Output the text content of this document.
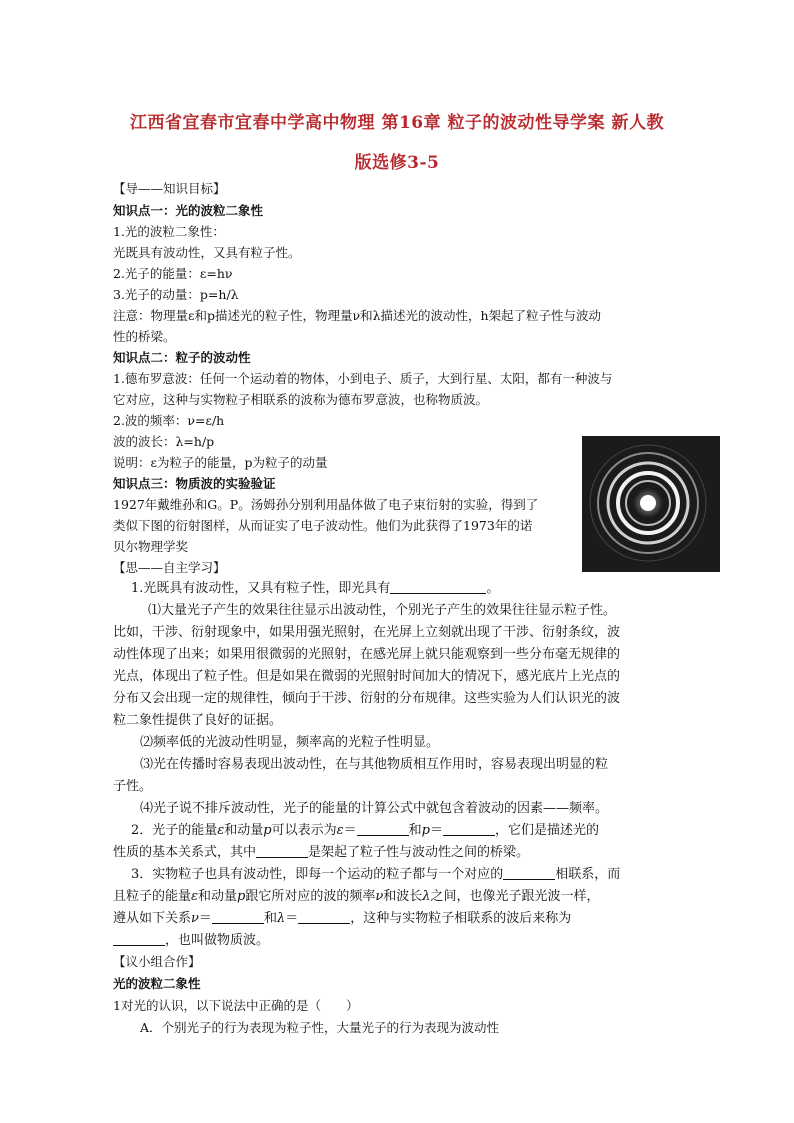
江西省宜春市宜春中学高中物理 第16章 粒子的波动性导学案 新人教
版选修3-5
【导——知识目标】
知识点一：光的波粒二象性
1.光的波粒二象性：
光既具有波动性，又具有粒子性。
2.光子的能量：ε=hν
3.光子的动量：p=h/λ
注意：物理量ε和p描述光的粒子性，物理量ν和λ描述光的波动性，h架起了粒子性与波动
性的桥梁。
知识点二：粒子的波动性
1.德布罗意波：任何一个运动着的物体，小到电子、质子，大到行星、太阳，都有一种波与
它对应，这种与实物粒子相联系的波称为德布罗意波，也称物质波。
2.波的频率：ν=ε/h
波的波长：λ=h/p
说明：ε为粒子的能量，p为粒子的动量
知识点三：物质波的实验验证
1927年戴维孙和G。P。汤姆孙分别利用晶体做了电子束衍射的实验，得到了
类似下图的衍射图样，从而证实了电子波动性。他们为此获得了1973年的诺
贝尔物理学奖
【思——自主学习】
1.光既具有波动性，又具有粒子性，即光具有	。
⑴大量光子产生的效果往往显示出波动性，个别光子产生的效果往往显示粒子性。
比如，干涉、衍射现象中，如果用强光照射，在光屏上立刻就出现了干涉、衍射条纹，波
动性体现了出来；如果用很微弱的光照射，在感光屏上就只能观察到一些分布毫无规律的
光点，体现出了粒子性。但是如果在微弱的光照射时间加大的情况下，感光底片上光点的
分布又会出现一定的规律性，倾向于干涉、衍射的分布规律。这些实验为人们认识光的波
粒二象性提供了良好的证据。
⑵频率低的光波动性明显，频率高的光粒子性明显。
⑶光在传播时容易表现出波动性，在与其他物质相互作用时，容易表现出明显的粒
子性。
⑷光子说不排斥波动性，光子的能量的计算公式中就包含着波动的因素——频率。
2．光子的能量ε和动量p可以表示为ε＝	和p＝	，它们是描述光的
性质的基本关系式，其中	是架起了粒子性与波动性之间的桥梁。
3．实物粒子也具有波动性，即每一个运动的粒子都与一个对应的	相联系，而
且粒子的能量ε和动量p跟它所对应的波的频率ν和波长λ之间，也像光子跟光波一样，
遵从如下关系ν＝	和λ＝	，这种与实物粒子相联系的波后来称为
，也叫做物质波。
【议小组合作】
光的波粒二象性
1对光的认识，以下说法中正确的是（　　）
A．个别光子的行为表现为粒子性，大量光子的行为表现为波动性
